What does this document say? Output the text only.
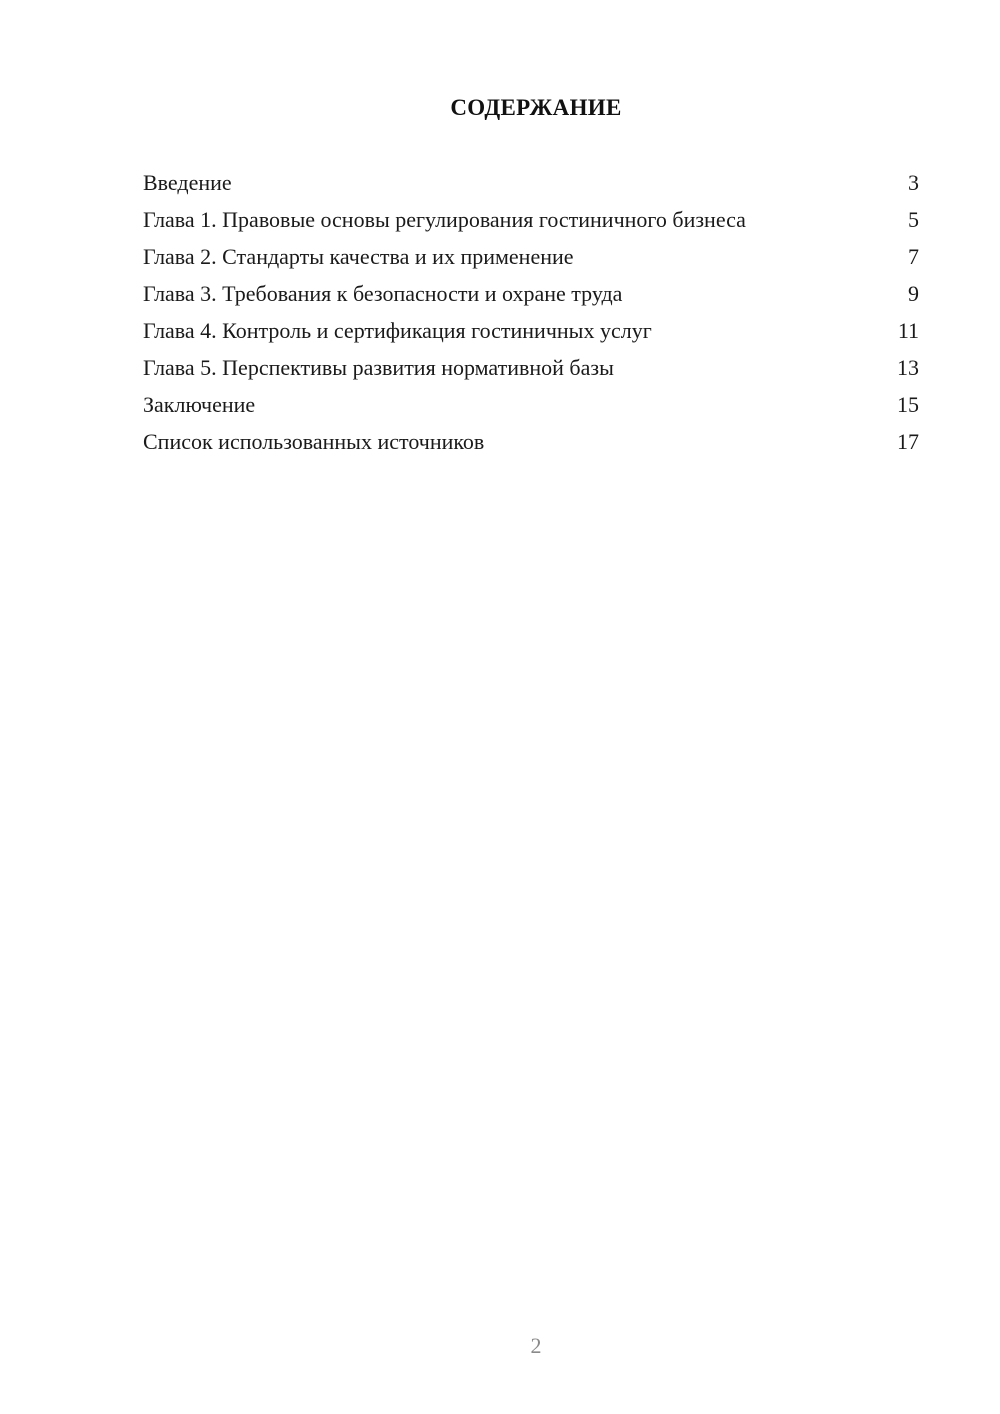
СОДЕРЖАНИЕ
Введение	3
Глава 1. Правовые основы регулирования гостиничного бизнеса	5
Глава 2. Стандарты качества и их применение	7
Глава 3. Требования к безопасности и охране труда	9
Глава 4. Контроль и сертификация гостиничных услуг	11
Глава 5. Перспективы развития нормативной базы	13
Заключение	15
Список использованных источников	17
2
